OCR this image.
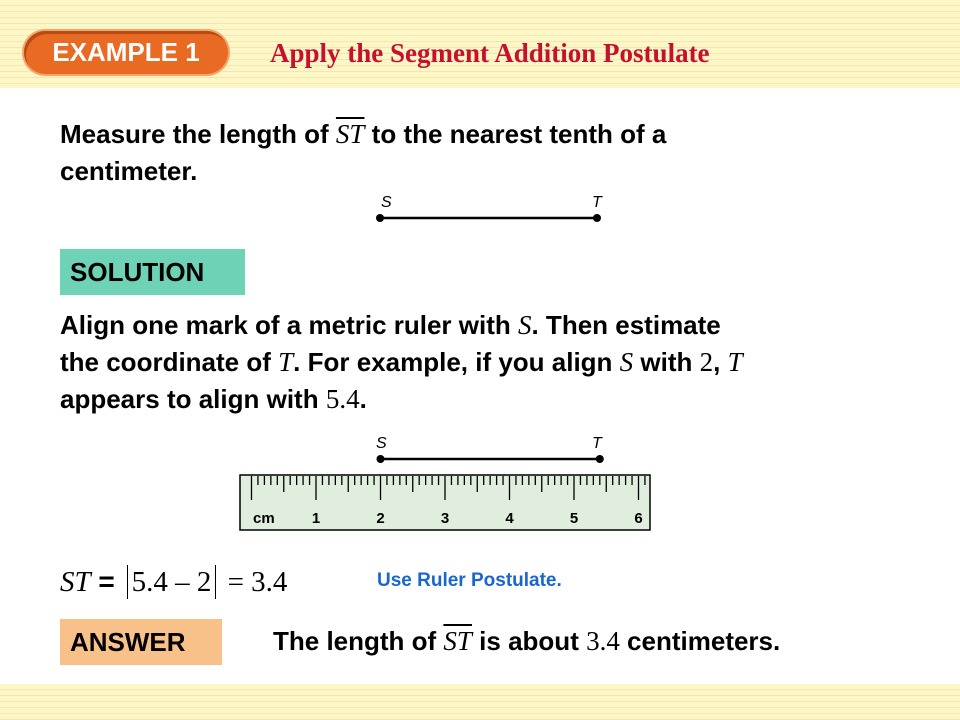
EXAMPLE 1	Apply the Segment Addition Postulate
Measure the length of $\overline{ST}$ to the nearest tenth of a
centimeter.
S	T
SOLUTION
Align one mark of a metric ruler with S. Then estimate
the coordinate of T. For example, if you align S with 2, T
appears to align with 5.4.
S	T
cm 1	2	3	4	5	6
ST = 5.4 – 2 = 3.4	Use Ruler Postulate.
ANSWER	The length of $\overline{ST}$ is about 3.4 centimeters.
